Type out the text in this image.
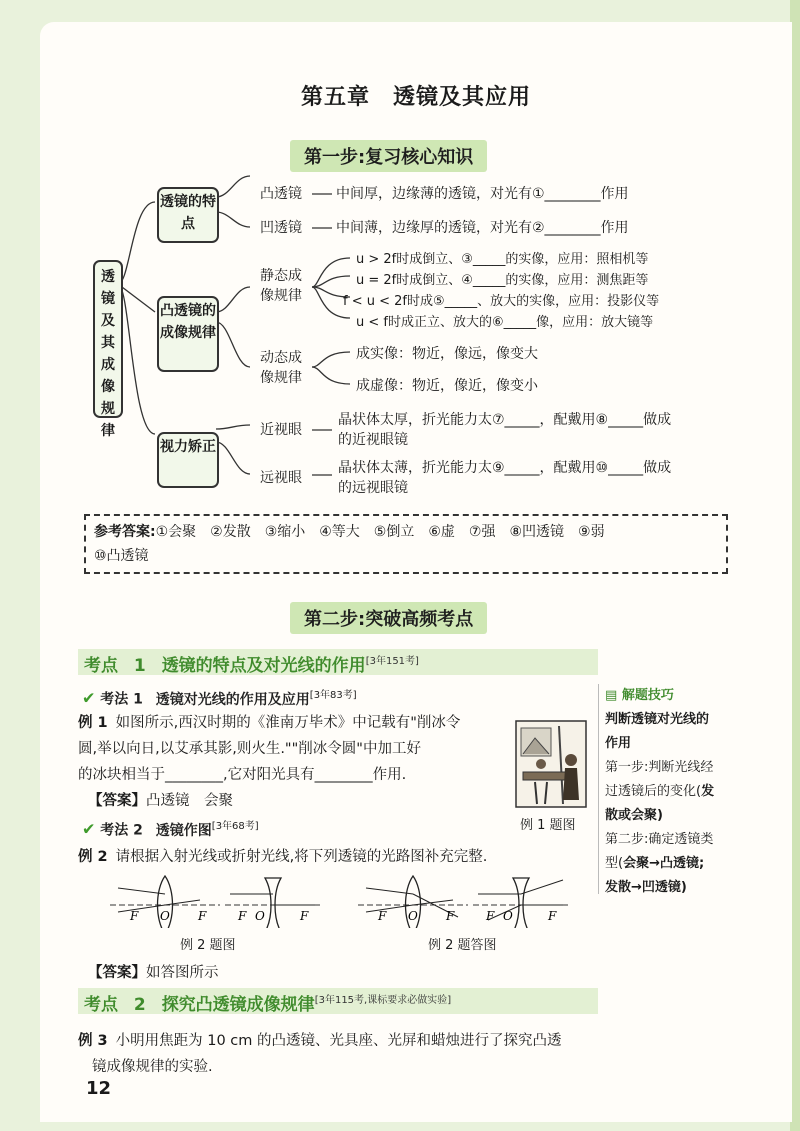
第五章　透镜及其应用
第一步:复习核心知识
透镜及其成像规律
透镜的特点
凸透镜的成像规律
视力矫正
凸透镜 中间厚，边缘薄的透镜，对光有①________作用
凹透镜 中间薄，边缘厚的透镜，对光有②________作用
静态成像规律
u > 2f时成倒立、③_____的实像，应用：照相机等
u = 2f时成倒立、④_____的实像，应用：测焦距等
f < u < 2f时成⑤_____、放大的实像，应用：投影仪等
u < f时成正立、放大的⑥_____像，应用：放大镜等
动态成像规律
成实像：物近，像远，像变大
成虚像：物近，像近，像变小
近视眼
晶状体太厚，折光能力太⑦_____，配戴用⑧_____做成
的近视眼镜
远视眼
晶状体太薄，折光能力太⑨_____，配戴用⑩_____做成
的远视眼镜
参考答案:①会聚　②发散　③缩小　④等大　⑤倒立　⑥虚　⑦强　⑧凹透镜　⑨弱
⑩凸透镜
第二步:突破高频考点
考点 1 透镜的特点及对光线的作用[3年151考]
✔ 考法 1 透镜对光线的作用及应用[3年83考]
例 1 如图所示,西汉时期的《淮南万毕术》中记载有"削冰令
圆,举以向日,以艾承其影,则火生.""削冰令圆"中加工好
的冰块相当于________,它对阳光具有________作用.
【答案】凸透镜　会聚
例 1 题图
✔ 考法 2 透镜作图[3年68考]
例 2 请根据入射光线或折射光线,将下列透镜的光路图补充完整.
F O F	F O	F
例 2 题图
F O F	F O	F
例 2 题答图
【答案】如答图所示
考点 2 探究凸透镜成像规律[3年115考,课标要求必做实验]
例 3 小明用焦距为 10 cm 的凸透镜、光具座、光屏和蜡烛进行了探究凸透
镜成像规律的实验.
12
▤ 解题技巧
判断透镜对光线的
作用
第一步:判断光线经
过透镜后的变化(发
散或会聚)
第二步:确定透镜类
型(会聚→凸透镜;
发散→凹透镜)
